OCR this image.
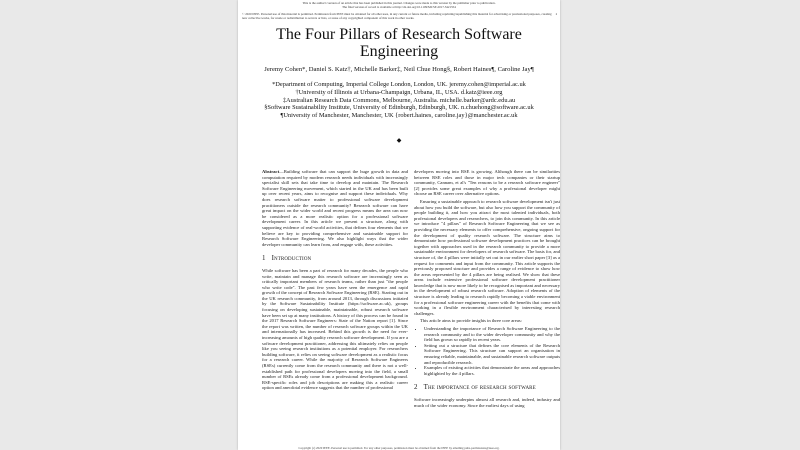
This is the author's version of an article that has been published in this journal. Changes were made to this version by the publisher prior to publication.
The final version of record is available at http://dx.doi.org/10.1109/MCSE.2017.3421554
© 2020 IEEE. Personal use of this material is permitted. Permission from IEEE must be obtained for all other uses, in any current or future media, including reprinting/republishing this material for advertising or promotional purposes, creating new collective works, for resale or redistribution to servers or lists, or reuse of any copyrighted component of this work in other works.
1
The Four Pillars of Research Software Engineering
Jeremy Cohen*, Daniel S. Katz†, Michelle Barker‡, Neil Chue Hong§, Robert Haines¶, Caroline Jay¶
*Department of Computing, Imperial College London, London, UK. jeremy.cohen@imperial.ac.uk
†University of Illinois at Urbana-Champaign, Urbana, IL, USA. d.katz@ieee.org
‡Australian Research Data Commons, Melbourne, Australia. michelle.barker@ardc.edu.au
§Software Sustainability Institute, University of Edinburgh, Edinburgh, UK. n.chuehong@software.ac.uk
¶University of Manchester, Manchester, UK {robert.haines, caroline.jay}@manchester.ac.uk
◆

Abstract—Building software that can support the huge growth in data and computation required by modern research needs individuals with increasingly specialist skill sets that take time to develop and maintain. The Research Software Engineering movement, which started in the UK and has been built up over recent years, aims to recognise and support these individuals. Why does research software matter to professional software development practitioners outside the research community? Research software can have great impact on the wider world and recent progress means the area can now be considered as a more realistic option for a professional software development career. In this article we present a structure, along with supporting evidence of real-world activities, that defines four elements that we believe are key to providing comprehensive and sustainable support for Research Software Engineering. We also highlight ways that the wider developer community can learn from, and engage with, these activities.

1 Introduction

While software has been a part of research for many decades, the people who write, maintain and manage this research software are increasingly seen as critically important members of research teams, rather than just "the people who write code". The past few years have seen the emergence and rapid growth of the concept of Research Software Engineering (RSE). Starting out in the UK research community, from around 2013, through discussions initiated by the Software Sustainability Institute (https://software.ac.uk), groups focusing on developing sustainable, maintainable, robust research software have been set up at many institutions. A history of this process can be found in the 2017 Research Software Engineers: State of the Nation report [1]. Since the report was written, the number of research software groups within the UK and internationally has increased. Behind this growth is the need for ever-increasing amounts of high quality research software development. If you are a software development practitioner, addressing this ultimately relies on people like you seeing research institutions as a potential employer. For researchers building software, it relies on seeing software development as a realistic focus for a research career. While the majority of Research Software Engineers (RSEs) currently come from the research community and there is not a well-established path for professional developers moving into the field, a small number of RSEs already come from a professional development background. RSE-specific roles and job descriptions are making this a realistic career option and anecdotal evidence suggests that the number of professional

developers moving into RSE is growing. Although there can be similarities between RSE roles and those in major tech companies or their startup community, Cannam, et al's "Ten reasons to be a research software engineer" [2] provides some great examples of why a professional developer might choose an RSE career over alternative options.

Ensuring a sustainable approach to research software development isn't just about how you build the software, but also how you support the community of people building it, and how you attract the most talented individuals, both professional developers and researchers, to join this community. In this article we introduce "4 pillars" of Research Software Engineering that we see as providing the necessary elements to offer comprehensive, ongoing support for the development of quality research software. The structure aims to demonstrate how professional software development practices can be brought together with approaches used in the research community to provide a more sustainable environment for developers of research software. The basis for, and structure of, the 4 pillars were initially set out in our earlier short paper [3] as a request for comments and input from the community. This article supports the previously proposed structure and provides a range of evidence to show how the areas represented by the 4 pillars are being realised. We show that these areas include extensive professional software development practitioner knowledge that is now more likely to be recognised as important and necessary in the development of robust research software. Adoption of elements of the structure is already leading to research rapidly becoming a viable environment for a professional software engineering career with the benefits that come with working in a flexible environment characterised by interesting research challenges.

This article aims to provide insights in three core areas:

• Understanding the importance of Research Software Engineering to the research community and to the wider developer community and why the field has grown so rapidly in recent years.
• Setting out a structure that defines the core elements of the Research Software Engineering. This structure can support an organisation in ensuring reliable, maintainable, and sustainable research software outputs and reproducible research.
• Examples of existing activities that demonstrate the areas and approaches highlighted by the 4 pillars.
2 The importance of research software

Software increasingly underpins almost all research and, indeed, industry and much of the wider economy. Since the earliest days of using

Copyright (c) 2020 IEEE. Personal use is permitted. For any other purposes, permission must be obtained from the IEEE by emailing pubs-permissions@ieee.org.
